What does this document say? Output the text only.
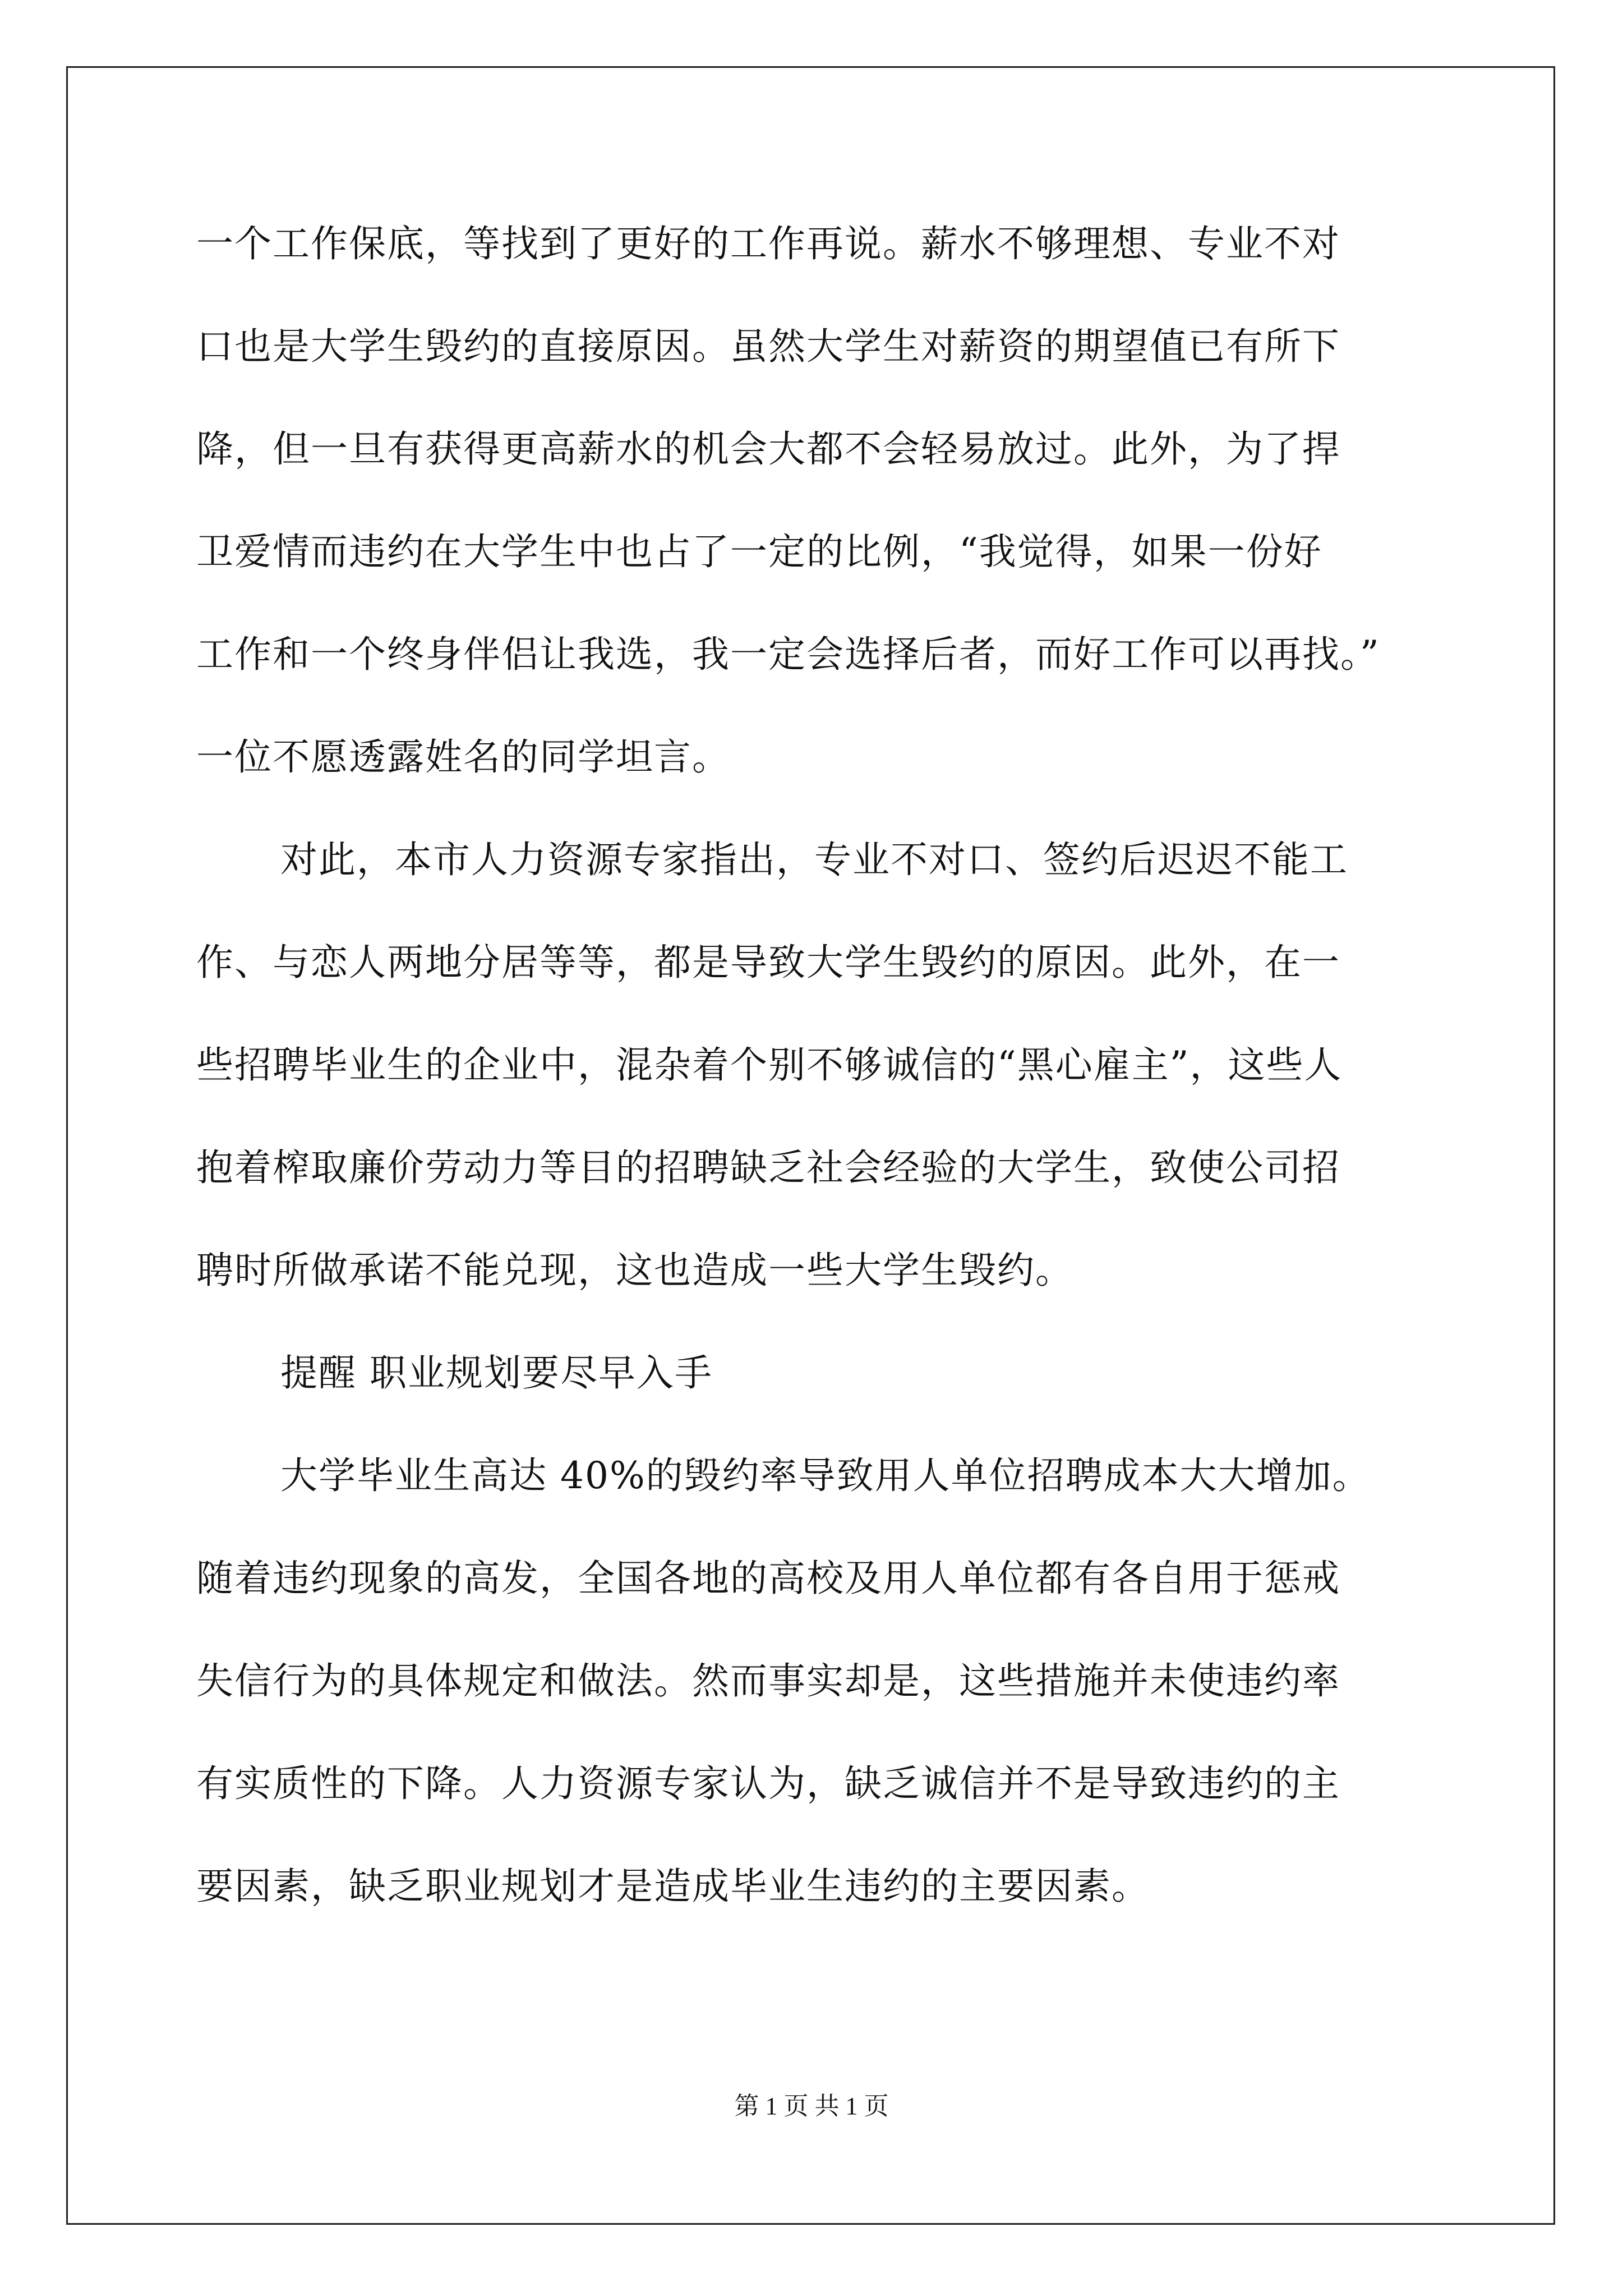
一个工作保底，等找到了更好的工作再说。薪水不够理想、专业不对
口也是大学生毁约的直接原因。虽然大学生对薪资的期望值已有所下
降，但一旦有获得更高薪水的机会大都不会轻易放过。此外，为了捍
卫爱情而违约在大学生中也占了一定的比例，“我觉得，如果一份好
工作和一个终身伴侣让我选，我一定会选择后者，而好工作可以再找。”
一位不愿透露姓名的同学坦言。
对此，本市人力资源专家指出，专业不对口、签约后迟迟不能工
作、与恋人两地分居等等，都是导致大学生毁约的原因。此外，在一
些招聘毕业生的企业中，混杂着个别不够诚信的“黑心雇主”，这些人
抱着榨取廉价劳动力等目的招聘缺乏社会经验的大学生，致使公司招
聘时所做承诺不能兑现，这也造成一些大学生毁约。
提醒 职业规划要尽早入手
大学毕业生高达 40%的毁约率导致用人单位招聘成本大大增加。
随着违约现象的高发，全国各地的高校及用人单位都有各自用于惩戒
失信行为的具体规定和做法。然而事实却是，这些措施并未使违约率
有实质性的下降。人力资源专家认为，缺乏诚信并不是导致违约的主
要因素，缺乏职业规划才是造成毕业生违约的主要因素。
第 1 页 共 1 页
